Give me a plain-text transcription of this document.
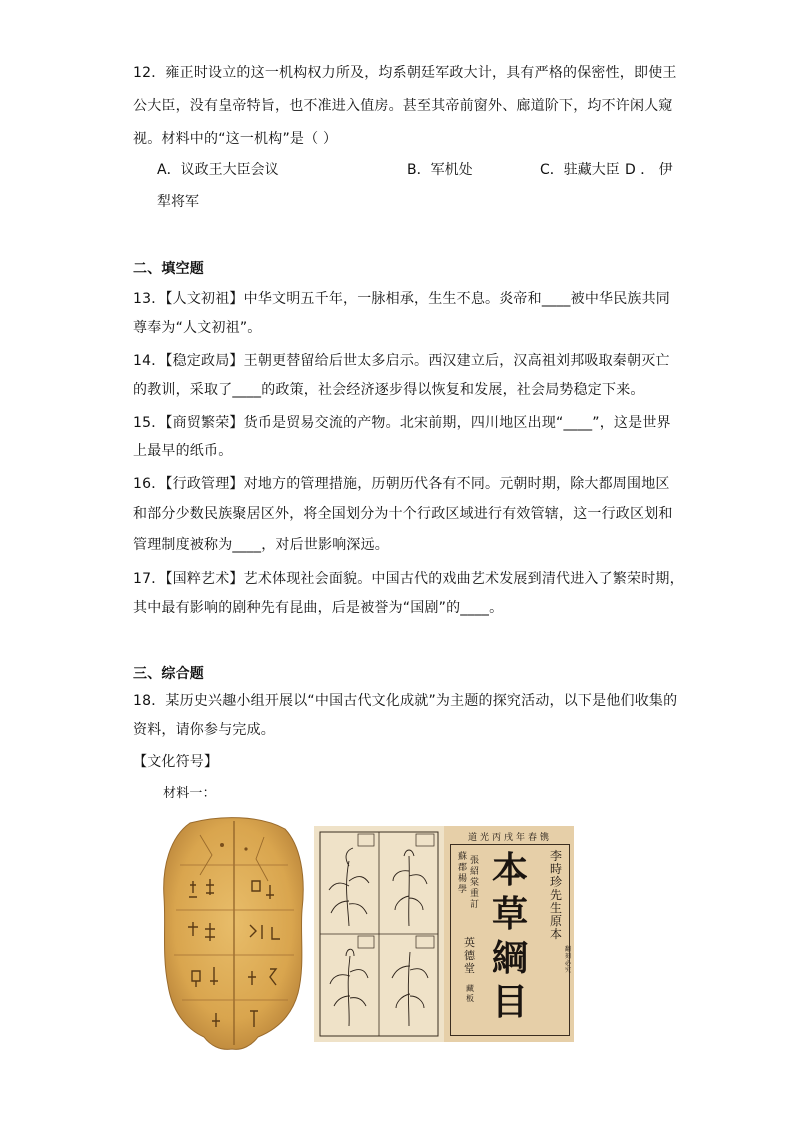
12．雍正时设立的这一机构权力所及，均系朝廷军政大计，具有严格的保密性，即使王
公大臣，没有皇帝特旨，也不准进入值房。甚至其帝前窗外、廊道阶下，均不许闲人窥
视。材料中的“这一机构”是（ ）
A．议政王大臣会议	B．军机处	C．驻藏大臣 D ． 伊
犁将军
二、填空题
13．【人文初祖】中华文明五千年，一脉相承，生生不息。炎帝和____被中华民族共同
尊奉为“人文初祖”。
14．【稳定政局】王朝更替留给后世太多启示。西汉建立后，汉高祖刘邦吸取秦朝灭亡
的教训，采取了____的政策，社会经济逐步得以恢复和发展，社会局势稳定下来。
15．【商贸繁荣】货币是贸易交流的产物。北宋前期，四川地区出现“____”，这是世界
上最早的纸币。
16．【行政管理】对地方的管理措施，历朝历代各有不同。元朝时期，除大都周围地区
和部分少数民族聚居区外，将全国划分为十个行政区域进行有效管辖，这一行政区划和
管理制度被称为____，对后世影响深远。
17．【国粹艺术】艺术体现社会面貌。中国古代的戏曲艺术发展到清代进入了繁荣时期，
其中最有影响的剧种先有昆曲，后是被誉为“国剧”的____。
三、综合题
18．某历史兴趣小组开展以“中国古代文化成就”为主题的探究活动，以下是他们收集的
资料，请你参与完成。
【文化符号】
材料一：
道光丙戌年春镌
李時珍先生原本
翻刻必究
本
草
綱
目
蘇郡楊學
張紹棠重訂
英德堂
藏板
